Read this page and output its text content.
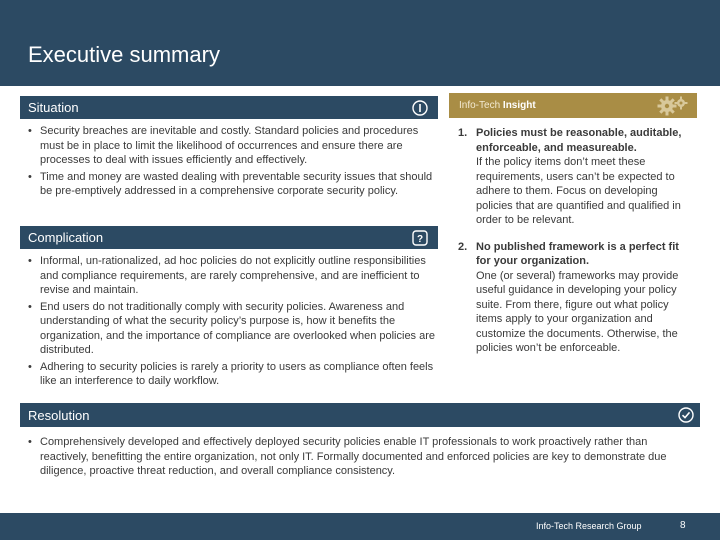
Executive summary
Situation
• Security breaches are inevitable and costly. Standard policies and procedures must be in place to limit the likelihood of occurrences and ensure there are processes to deal with issues efficiently and effectively.
• Time and money are wasted dealing with preventable security issues that should be pre-emptively addressed in a comprehensive corporate security policy.
Complication	?
• Informal, un-rationalized, ad hoc policies do not explicitly outline responsibilities and compliance requirements, are rarely comprehensive, and are inefficient to revise and maintain.
• End users do not traditionally comply with security policies. Awareness and understanding of what the security policy’s purpose is, how it benefits the organization, and the importance of compliance are overlooked when policies are distributed.
• Adhering to security policies is rarely a priority to users as compliance often feels like an interference to daily workflow.
Info-Tech Insight
1. Policies must be reasonable, auditable, enforceable, and measureable.
If the policy items don’t meet these requirements, users can’t be expected to adhere to them. Focus on developing policies that are quantified and qualified in order to be relevant.
2. No published framework is a perfect fit for your organization.
One (or several) frameworks may provide useful guidance in developing your policy suite. From there, figure out what policy items apply to your organization and customize the documents. Otherwise, the policies won’t be enforceable.
Resolution
• Comprehensively developed and effectively deployed security policies enable IT professionals to work proactively rather than reactively, benefitting the entire organization, not only IT. Formally documented and enforced policies are key to demonstrate due diligence, proactive threat reduction, and overall compliance consistency.
Info-Tech Research Group	8
